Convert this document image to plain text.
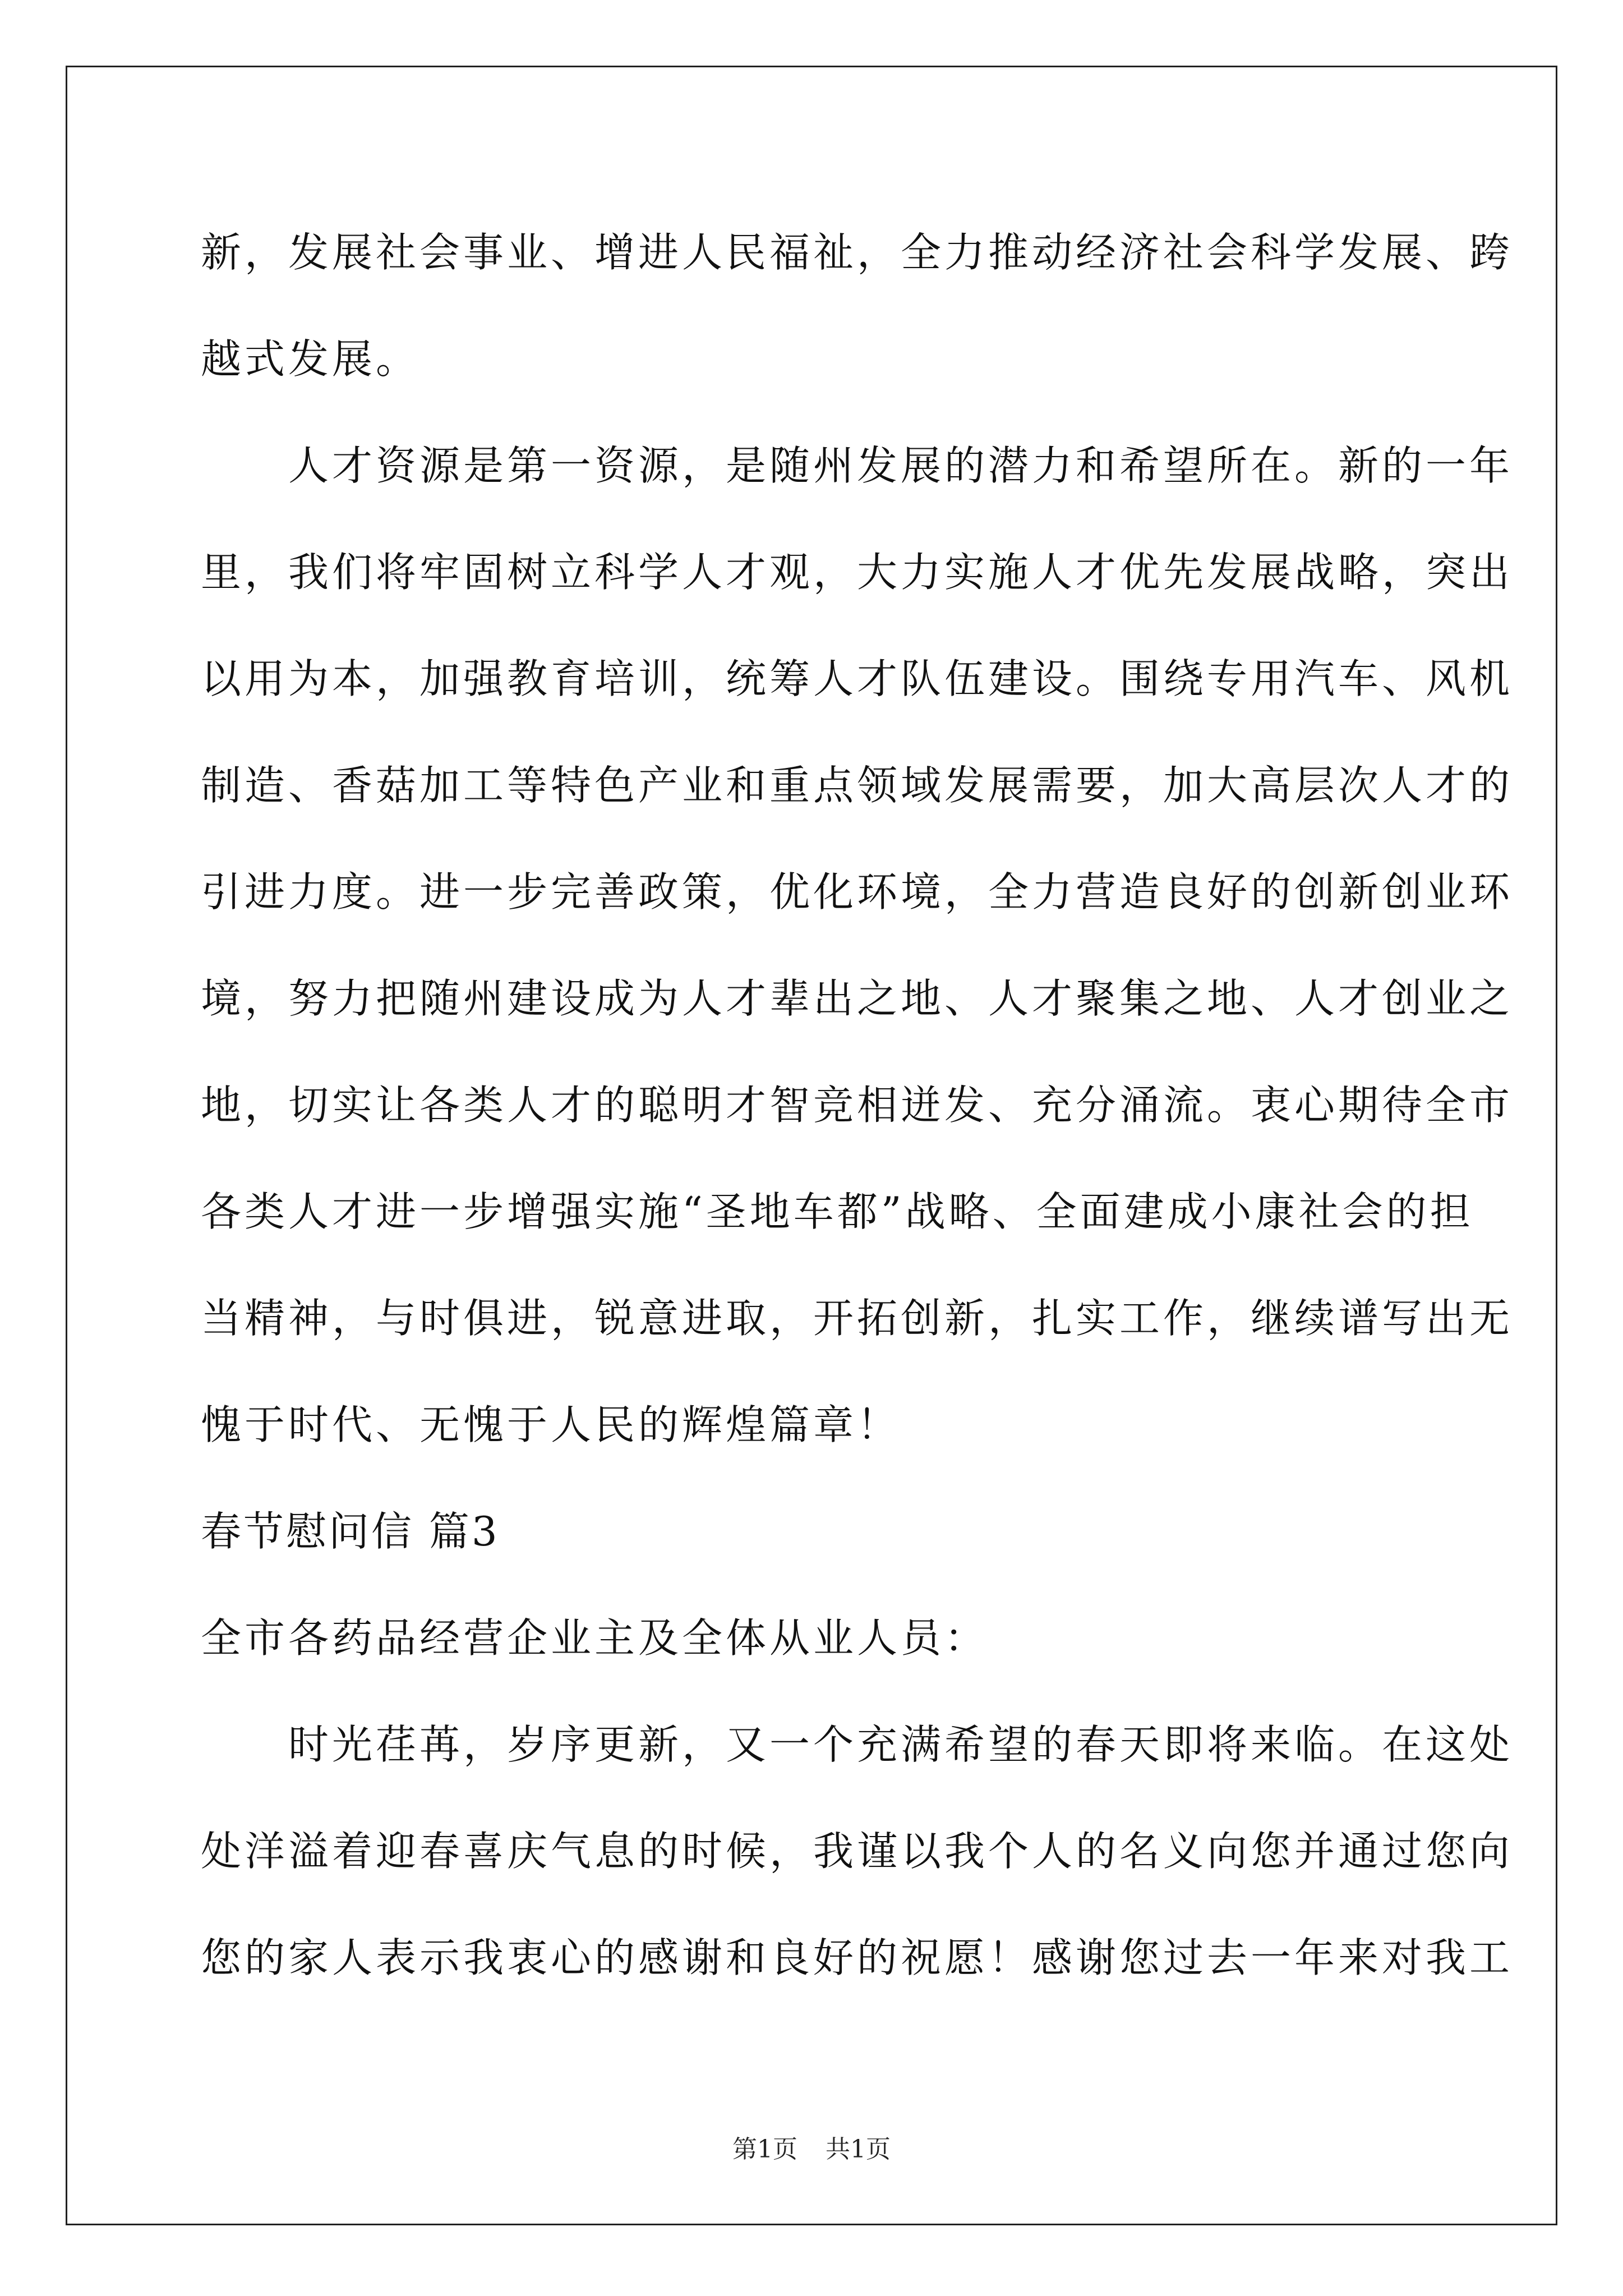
新，发展社会事业、增进人民福祉，全力推动经济社会科学发展、跨

越式发展。

　　人才资源是第一资源，是随州发展的潜力和希望所在。新的一年

里，我们将牢固树立科学人才观，大力实施人才优先发展战略，突出

以用为本，加强教育培训，统筹人才队伍建设。围绕专用汽车、风机

制造、香菇加工等特色产业和重点领域发展需要，加大高层次人才的

引进力度。进一步完善政策，优化环境，全力营造良好的创新创业环

境，努力把随州建设成为人才辈出之地、人才聚集之地、人才创业之

地，切实让各类人才的聪明才智竞相迸发、充分涌流。衷心期待全市

各类人才进一步增强实施“圣地车都”战略、全面建成小康社会的担

当精神，与时俱进，锐意进取，开拓创新，扎实工作，继续谱写出无

愧于时代、无愧于人民的辉煌篇章！

春节慰问信 篇3

全市各药品经营企业主及全体从业人员：

　　时光荏苒，岁序更新，又一个充满希望的春天即将来临。在这处

处洋溢着迎春喜庆气息的时候，我谨以我个人的名义向您并通过您向

您的家人表示我衷心的感谢和良好的祝愿！感谢您过去一年来对我工

第1页 共1页
